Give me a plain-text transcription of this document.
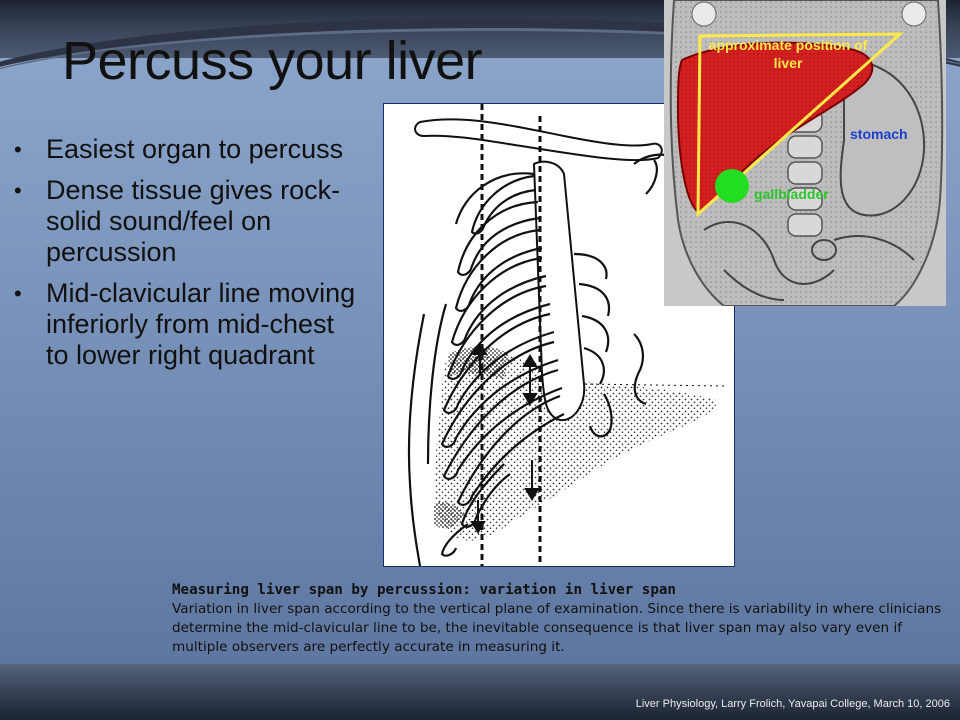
Percuss your liver
• Easiest organ to percuss
• Dense tissue gives rock-solid sound/feel on percussion
• Mid-clavicular line moving inferiorly from mid-chest to lower right quadrant
approximate position of liver
stomach
gallbladder
Measuring liver span by percussion: variation in liver span
Variation in liver span according to the vertical plane of examination. Since there is variability in where clinicians determine the mid-clavicular line to be, the inevitable consequence is that liver span may also vary even if multiple observers are perfectly accurate in measuring it.
Liver Physiology, Larry Frolich, Yavapai College, March 10, 2006
